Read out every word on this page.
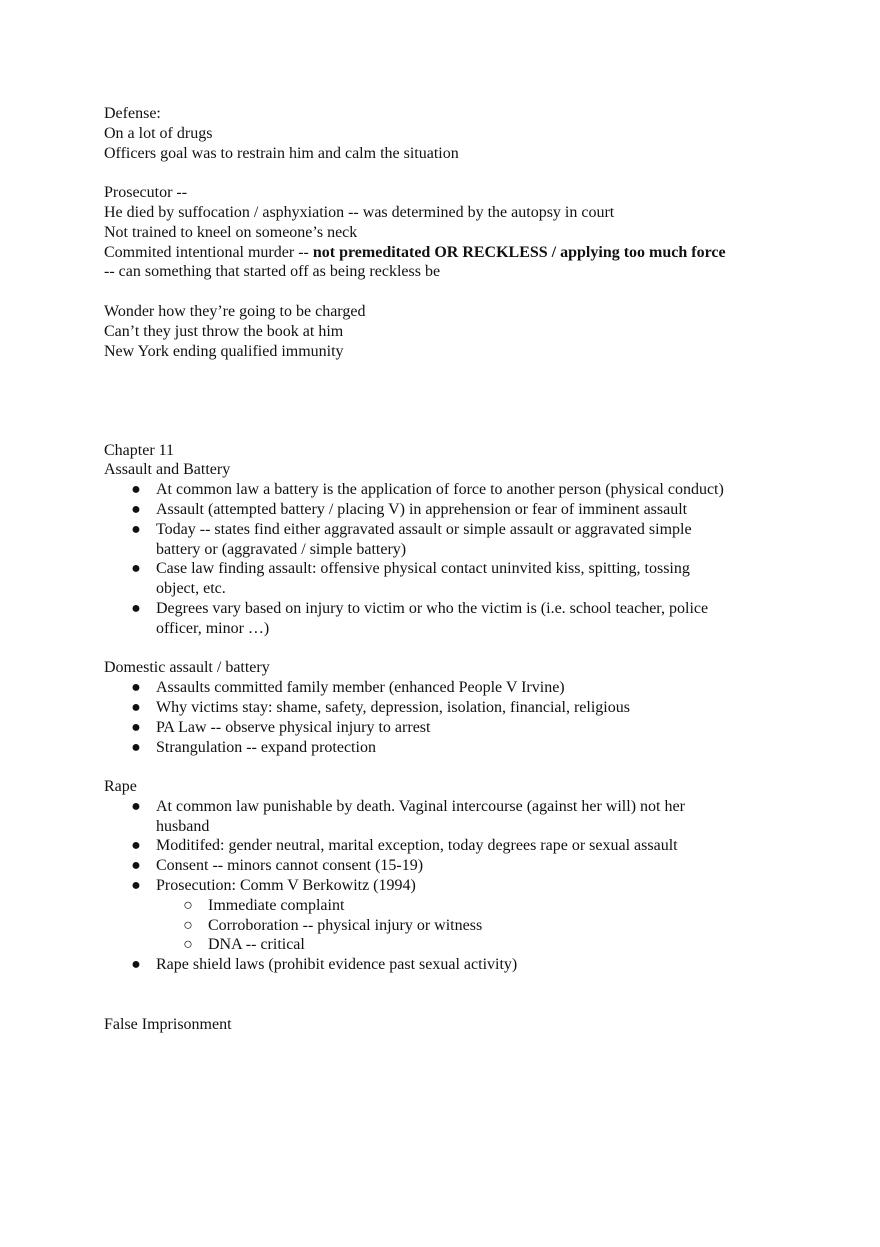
Defense:
On a lot of drugs
Officers goal was to restrain him and calm the situation
Prosecutor --
He died by suffocation / asphyxiation -- was determined by the autopsy in court
Not trained to kneel on someone’s neck
Commited intentional murder -- not premeditated OR RECKLESS / applying too much force
-- can something that started off as being reckless be
Wonder how they’re going to be charged
Can’t they just throw the book at him
New York ending qualified immunity
Chapter 11
Assault and Battery
● At common law a battery is the application of force to another person (physical conduct)
● Assault (attempted battery / placing V) in apprehension or fear of imminent assault
● Today -- states find either aggravated assault or simple assault or aggravated simple
battery or (aggravated / simple battery)
● Case law finding assault: offensive physical contact uninvited kiss, spitting, tossing
object, etc.
● Degrees vary based on injury to victim or who the victim is (i.e. school teacher, police
officer, minor …)
Domestic assault / battery
● Assaults committed family member (enhanced People V Irvine)
● Why victims stay: shame, safety, depression, isolation, financial, religious
● PA Law -- observe physical injury to arrest
● Strangulation -- expand protection
Rape
● At common law punishable by death. Vaginal intercourse (against her will) not her
husband
● Moditifed: gender neutral, marital exception, today degrees rape or sexual assault
● Consent -- minors cannot consent (15-19)
● Prosecution: Comm V Berkowitz (1994)
○ Immediate complaint
○ Corroboration -- physical injury or witness
○ DNA -- critical
● Rape shield laws (prohibit evidence past sexual activity)
False Imprisonment
